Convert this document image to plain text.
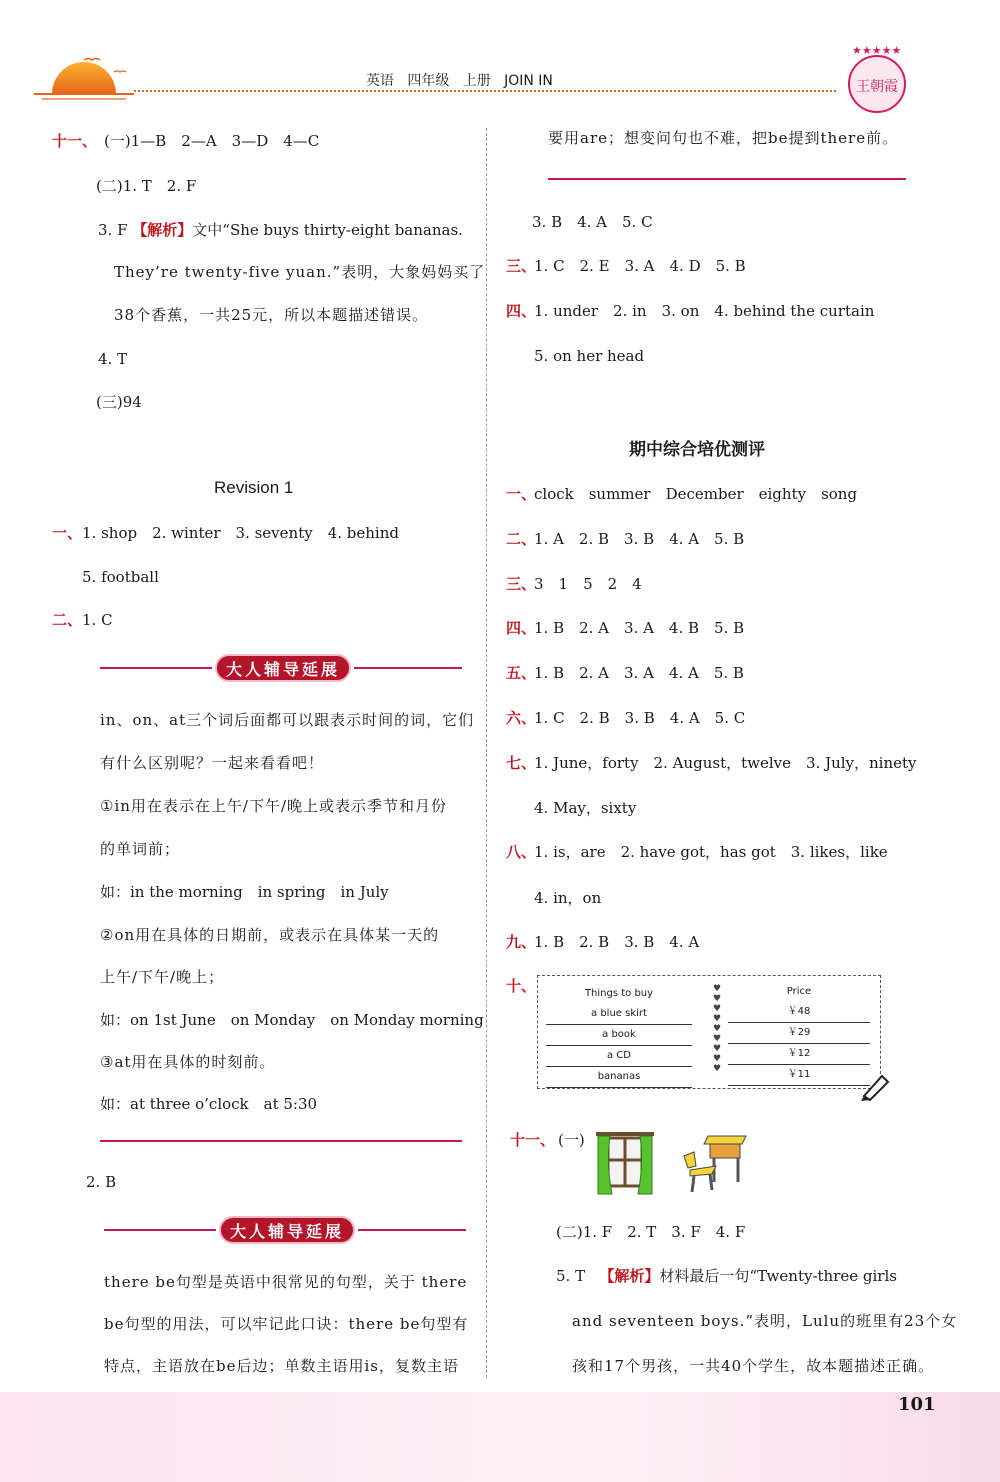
英语 四年级 上册 JOIN IN
★★★★★
王朝霞
十一、 (一)1—B　2—A　3—D　4—C
(二)1. T　2. F
3. F 【解析】文中“She buys thirty-eight bananas.
They’re twenty-five yuan.”表明，大象妈妈买了
38个香蕉，一共25元，所以本题描述错误。
4. T
(三)94
Revision 1
一、 1. shop　2. winter　3. seventy　4. behind
5. football
二、 1. C
大人辅导延展
in、on、at三个词后面都可以跟表示时间的词，它们
有什么区别呢？一起来看看吧！
①in用在表示在上午/下午/晚上或表示季节和月份
的单词前；
如：in the morning　in spring　in July
②on用在具体的日期前，或表示在具体某一天的
上午/下午/晚上；
如：on 1st June　on Monday　on Monday morning
③at用在具体的时刻前。
如：at three o’clock　at 5:30
2. B
大人辅导延展
there be句型是英语中很常见的句型，关于 there
be句型的用法，可以牢记此口诀：there be句型有
特点，主语放在be后边；单数主语用is，复数主语
要用are；想变问句也不难，把be提到there前。
3. B　4. A　5. C
三、
1. C　2. E　3. A　4. D　5. B
四、
1. under　2. in　3. on　4. behind the curtain
5. on her head
期中综合培优测评
一、
clock　summer　December　eighty　song
二、
1. A　2. B　3. B　4. A　5. B
三、
3　1　5　2　4
四、
1. B　2. A　3. A　4. B　5. B
五、
1. B　2. A　3. A　4. A　5. B
六、
1. C　2. B　3. B　4. A　5. C
七、
1. June，forty　2. August，twelve　3. July，ninety
4. May，sixty
八、
1. is，are　2. have got，has got　3. likes，like
4. in，on
九、
1. B　2. B　3. B　4. A
十、	Things to buy
a blue skirt
a book
a CD
bananas
♥
♥
♥
♥
♥
♥
♥
♥
♥
Price
￥48
￥29
￥12
￥11
十一、 (一)
(二)1. F　2. T　3. F　4. F
5. T 【解析】材料最后一句“Twenty-three girls
and seventeen boys.”表明，Lulu的班里有23个女
孩和17个男孩，一共40个学生，故本题描述正确。
101
